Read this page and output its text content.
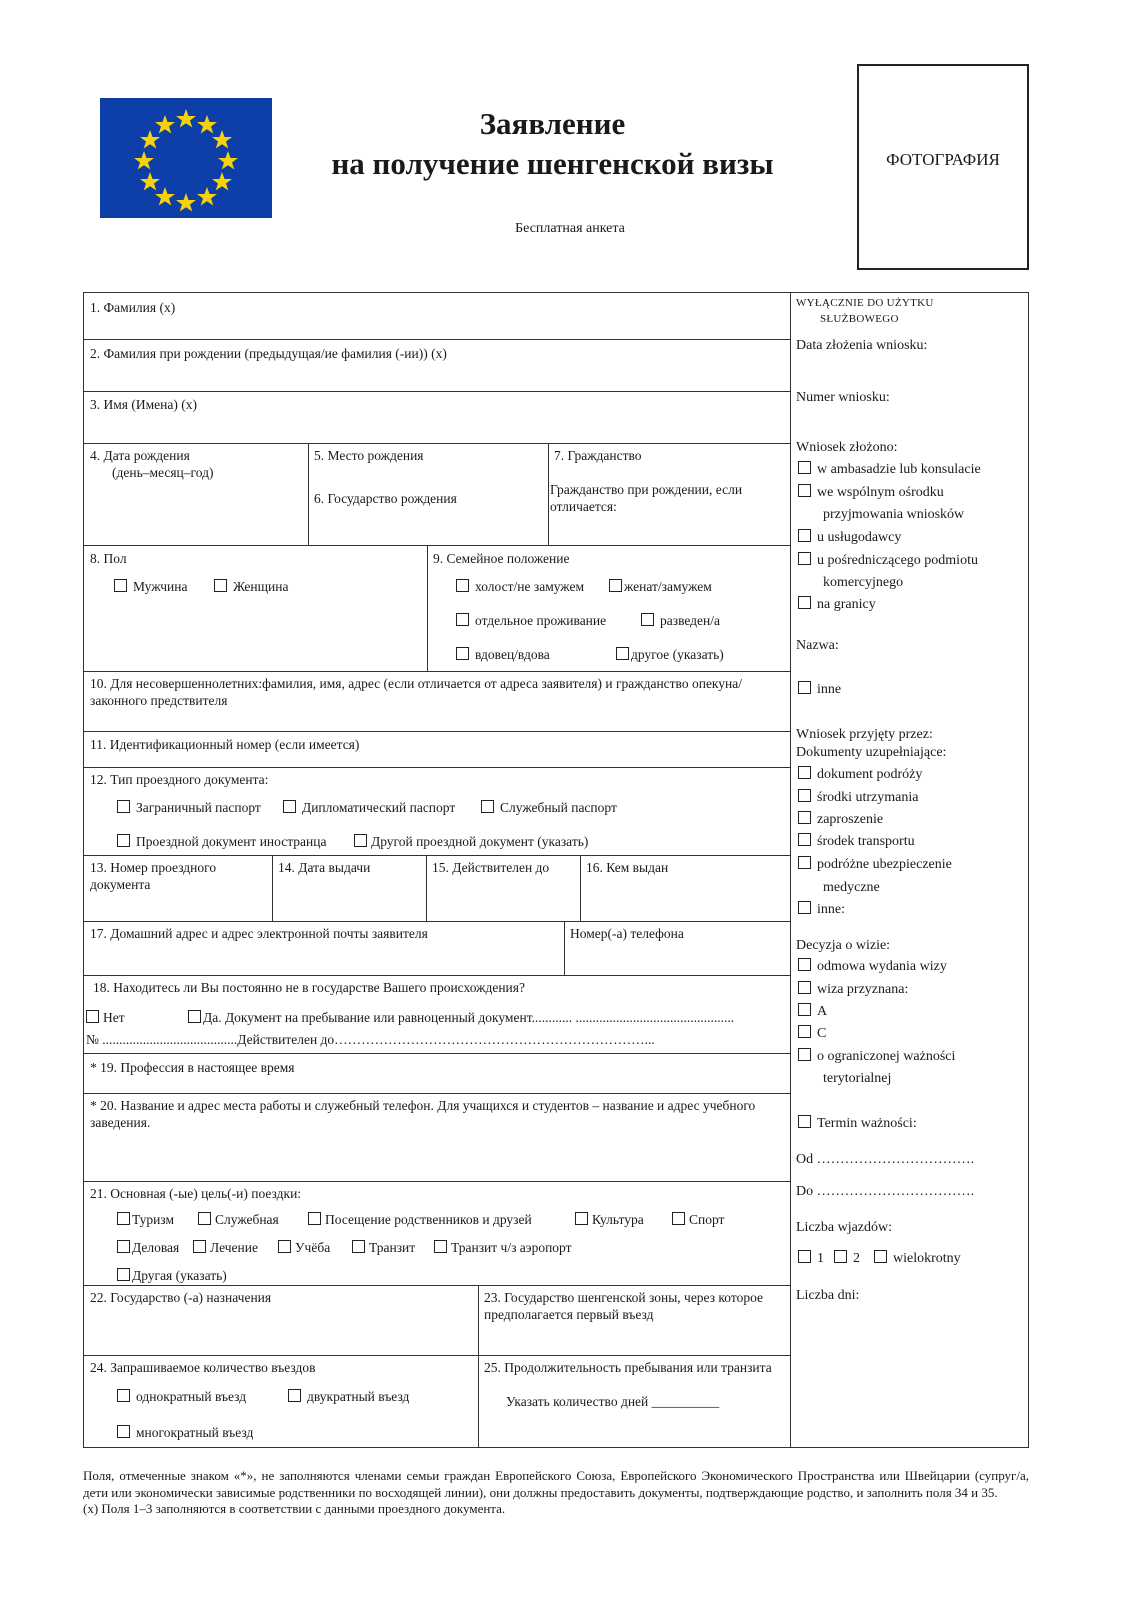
Заявление
на получение шенгенской визы
Бесплатная анкета
ФОТОГРАФИЯ
1. Фамилия (x)
2. Фамилия при рождении (предыдущая/ие фамилия (-ии)) (x)
3. Имя (Имена) (x)
4. Дата рождения
(день–месяц–год)
5. Место рождения
6. Государство рождения
7. Гражданство
Гражданство при рождении, если отличается:
8. Пол
Мужчина	Женщина
9. Семейное положение
холост/не замужем	женат/замужем
отдельное проживание	разведен/а
вдовец/вдова	другое (указать)
10. Для несовершеннолетних:фамилия, имя, адрес (если отличается от адреса заявителя) и гражданство опекуна/законного предствителя
11. Идентификационный номер (если имеется)
12. Тип проездного документа:
Заграничный паспорт	Дипломатический паспорт	Служебный паспорт
Проездной документ иностранца	Другой проездной документ (указать)
13. Номер проездного документа
14. Дата выдачи	15. Действителен до	16. Кем выдан
17. Домашний адрес и адрес электронной почты заявителя	Номер(-а) телефона
18. Находитесь ли Вы постоянно не в государстве Вашего происхождения?
Нет	Да. Документ на пребывание или равноценный документ............ ...............................................
№ ........................................Действителен до……………………………………………………………...
* 19. Профессия в настоящее время
* 20. Название и адрес места работы и служебный телефон. Для учащихся и студентов – название и адрес учебного заведения.
21. Основная (-ые) цель(-и) поездки:
Туризм	Служебная	Посещение родственников и друзей	Культура	Спорт
Деловая	Лечение	Учёба	Транзит	Транзит ч/з аэропорт
Другая (указать)
22. Государство (-а) назначения	23. Государство шенгенской зоны, через которое предполагается первый въезд
24. Запрашиваемое количество въездов
однократный въезд	двукратный въезд
многократный въезд
25. Продолжительность пребывания или транзита
Указать количество дней __________
WYŁĄCZNIE DO UŻYTKU
SŁUŻBOWEGO
Data złożenia wniosku:
Numer wniosku:
Wniosek złożono:
w ambasadzie lub konsulacie
we wspólnym ośrodku
przyjmowania wniosków
u usługodawcy
u pośredniczącego podmiotu
komercyjnego
na granicy
Nazwa:
inne
Wniosek przyjęty przez:
Dokumenty uzupełniające:
dokument podróży
środki utrzymania
zaproszenie
środek transportu
podróżne ubezpieczenie
medyczne
inne:
Decyzja o wizie:
odmowa wydania wizy
wiza przyznana:
A
C
o ograniczonej ważności
terytorialnej
Termin ważności:
Od …………………………….
Do …………………………….
Liczba wjazdów:
1	2	wielokrotny
Liczba dni:
Поля, отмеченные знаком «*», не заполняются членами семьи граждан Европейского Союза, Европейского Экономического Пространства или Швейцарии (супруг/а, дети или экономически зависимые родственники по восходящей линии), они должны предоставить документы, подтверждающие родство, и заполнить поля 34 и 35.
(x) Поля 1–3 заполняются в соответствии с данными проездного документа.
